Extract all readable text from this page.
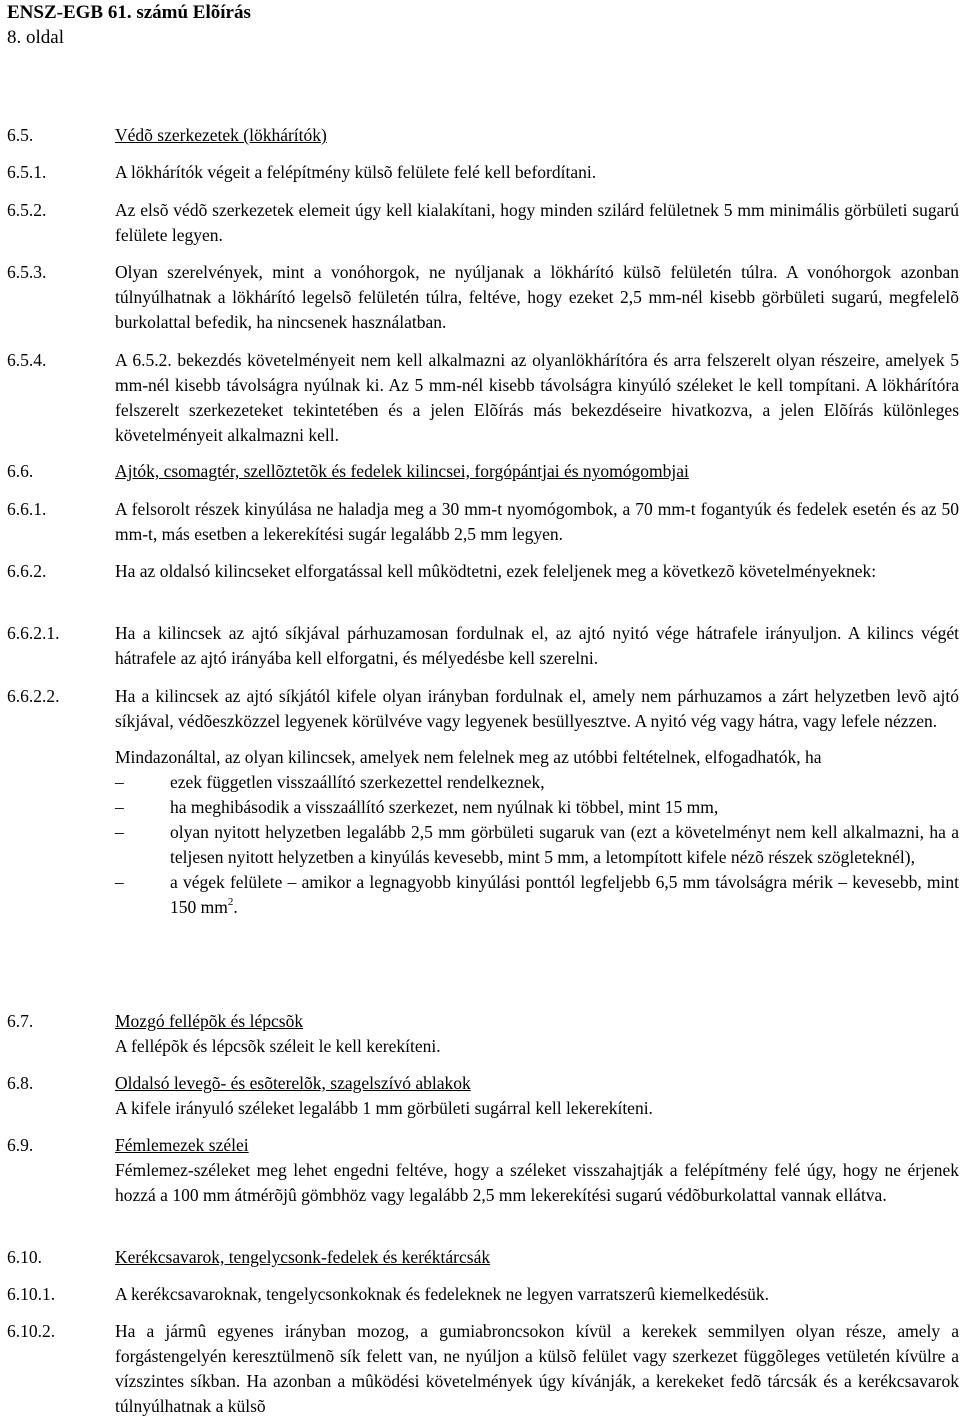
ENSZ-EGB 61. számú Elõírás
8. oldal
6.5.	Védõ szerkezetek (lökhárítók)
6.5.1.	A lökhárítók végeit a felépítmény külsõ felülete felé kell befordítani.

6.5.2.	Az elsõ védõ szerkezetek elemeit úgy kell kialakítani, hogy minden szilárd felületnek 5 mm minimális görbületi sugarú felülete legyen.

6.5.3.	Olyan szerelvények, mint a vonóhorgok, ne nyúljanak a lökhárító külsõ felületén túlra. A vonóhorgok azonban túlnyúlhatnak a lökhárító legelsõ felületén túlra, feltéve, hogy ezeket 2,5 mm-nél kisebb görbületi sugarú, megfelelõ burkolattal befedik, ha nincsenek használatban.

6.5.4.	A 6.5.2. bekezdés követelményeit nem kell alkalmazni az olyanlökhárítóra és arra felszerelt olyan részeire, amelyek 5 mm-nél kisebb távolságra nyúlnak ki. Az 5 mm-nél kisebb távolságra kinyúló széleket le kell tompítani. A lökhárítóra felszerelt szerkezeteket tekintetében és a jelen Elõírás más bekezdéseire hivatkozva, a jelen Elõírás különleges követelményeit alkalmazni kell.

6.6.	Ajtók, csomagtér, szellõztetõk és fedelek kilincsei, forgópántjai és nyomógombjai
6.6.1.	A felsorolt részek kinyúlása ne haladja meg a 30 mm-t nyomógombok, a 70 mm-t fogantyúk és fedelek esetén és az 50 mm-t, más esetben a lekerekítési sugár legalább 2,5 mm legyen.

6.6.2.	Ha az oldalsó kilincseket elforgatással kell mûködtetni, ezek feleljenek meg a következõ követelményeknek:

6.6.2.1.	Ha a kilincsek az ajtó síkjával párhuzamosan fordulnak el, az ajtó nyitó vége hátrafele irányuljon. A kilincs végét hátrafele az ajtó irányába kell elforgatni, és mélyedésbe kell szerelni.

6.6.2.2.	Ha a kilincsek az ajtó síkjától kifele olyan irányban fordulnak el, amely nem párhuzamos a zárt helyzetben levõ ajtó síkjával, védõeszközzel legyenek körülvéve vagy legyenek besüllyesztve. A nyitó vég vagy hátra, vagy lefele nézzen.

Mindazonáltal, az olyan kilincsek, amelyek nem felelnek meg az utóbbi feltételnek, elfogadhatók, ha

–	ezek független visszaállító szerkezettel rendelkeznek,
–	ha meghibásodik a visszaállító szerkezet, nem nyúlnak ki többel, mint 15 mm,
–	olyan nyitott helyzetben legalább 2,5 mm görbületi sugaruk van (ezt a követelményt nem kell alkalmazni, ha a teljesen nyitott helyzetben a kinyúlás kevesebb, mint 5 mm, a letompított kifele nézõ részek szögleteknél),
–	a végek felülete – amikor a legnagyobb kinyúlási ponttól legfeljebb 6,5 mm távolságra mérik – kevesebb, mint 150 $mm^2$.
6.7.	Mozgó fellépõk és lépcsõk

A fellépõk és lépcsõk széleit le kell kerekíteni.

6.8.	Oldalsó levegõ- és esõterelõk, szagelszívó ablakok

A kifele irányuló széleket legalább 1 mm görbületi sugárral kell lekerekíteni.

6.9.	Fémlemezek szélei

Fémlemez-széleket meg lehet engedni feltéve, hogy a széleket visszahajtják a felépítmény felé úgy, hogy ne érjenek hozzá a 100 mm átmérõjû gömbhöz vagy legalább 2,5 mm lekerekítési sugarú védõburkolattal vannak ellátva.

6.10.	Kerékcsavarok, tengelycsonk-fedelek és keréktárcsák
6.10.1.	A kerékcsavaroknak, tengelycsonkoknak és fedeleknek ne legyen varratszerû kiemelkedésük.

6.10.2.	Ha a jármû egyenes irányban mozog, a gumiabroncsokon kívül a kerekek semmilyen olyan része, amely a forgástengelyén keresztülmenõ sík felett van, ne nyúljon a külsõ felület vagy szerkezet függõleges vetületén kívülre a vízszintes síkban. Ha azonban a mûködési követelmények úgy kívánják, a kerekeket fedõ tárcsák és a kerékcsavarok túlnyúlhatnak a külsõ
